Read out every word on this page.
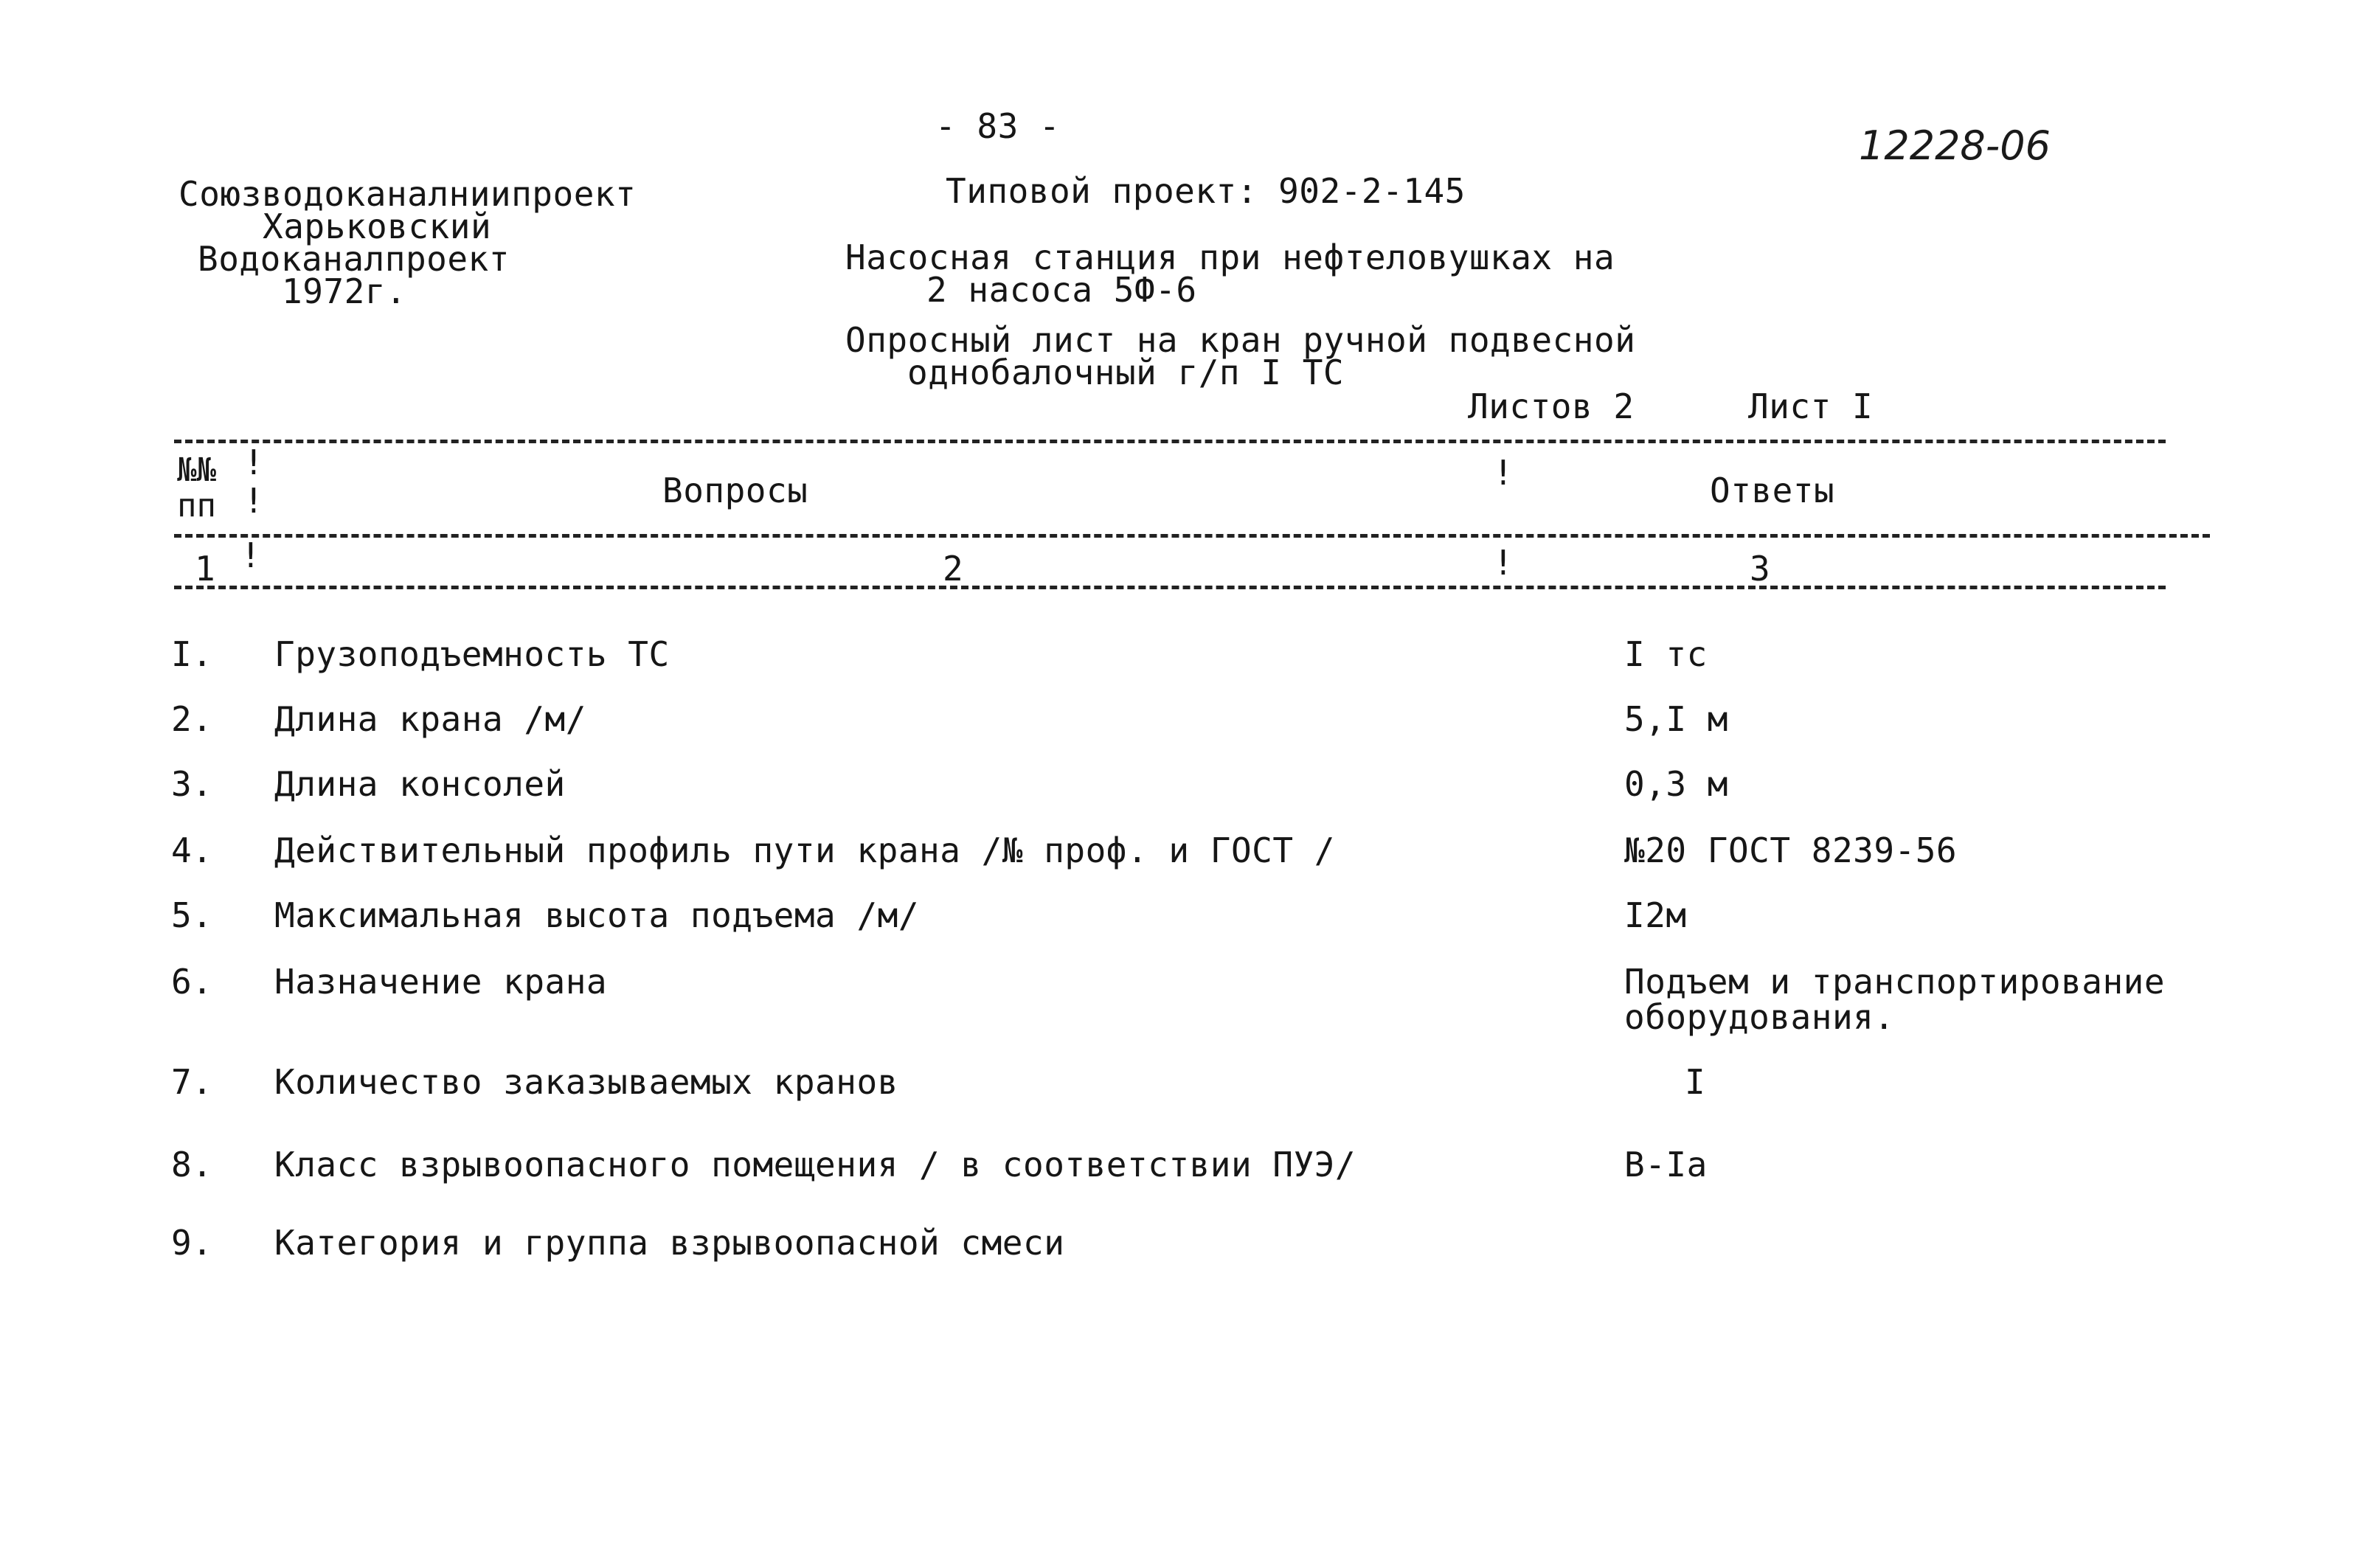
- 83 -	12228-06
Союзводоканалниипроект
Харьковский
Водоканалпроект
1972г.
Типовой проект: 902-2-145
Насосная станция при нефтеловушках на
2 насоса 5Ф-6
Опросный лист на кран ручной подвесной
однобалочный г/п I ТС
Листов 2	Лист I
№№
пп
!
!	Вопросы	!	Ответы
1 !	2	!	3
I. Грузоподъемность ТС	I тс
2. Длина крана /м/	5,I м
3. Длина консолей	0,3 м
4. Действительный профиль пути крана /№ проф. и ГОСТ /	№20 ГОСТ 8239-56
5. Максимальная высота подъема /м/	I2м
6. Назначение крана	Подъем и транспортирование
оборудования.
7. Количество заказываемых кранов	I
8. Класс взрывоопасного помещения / в соответствии ПУЭ/	В-Iа
9. Категория и группа взрывоопасной смеси
